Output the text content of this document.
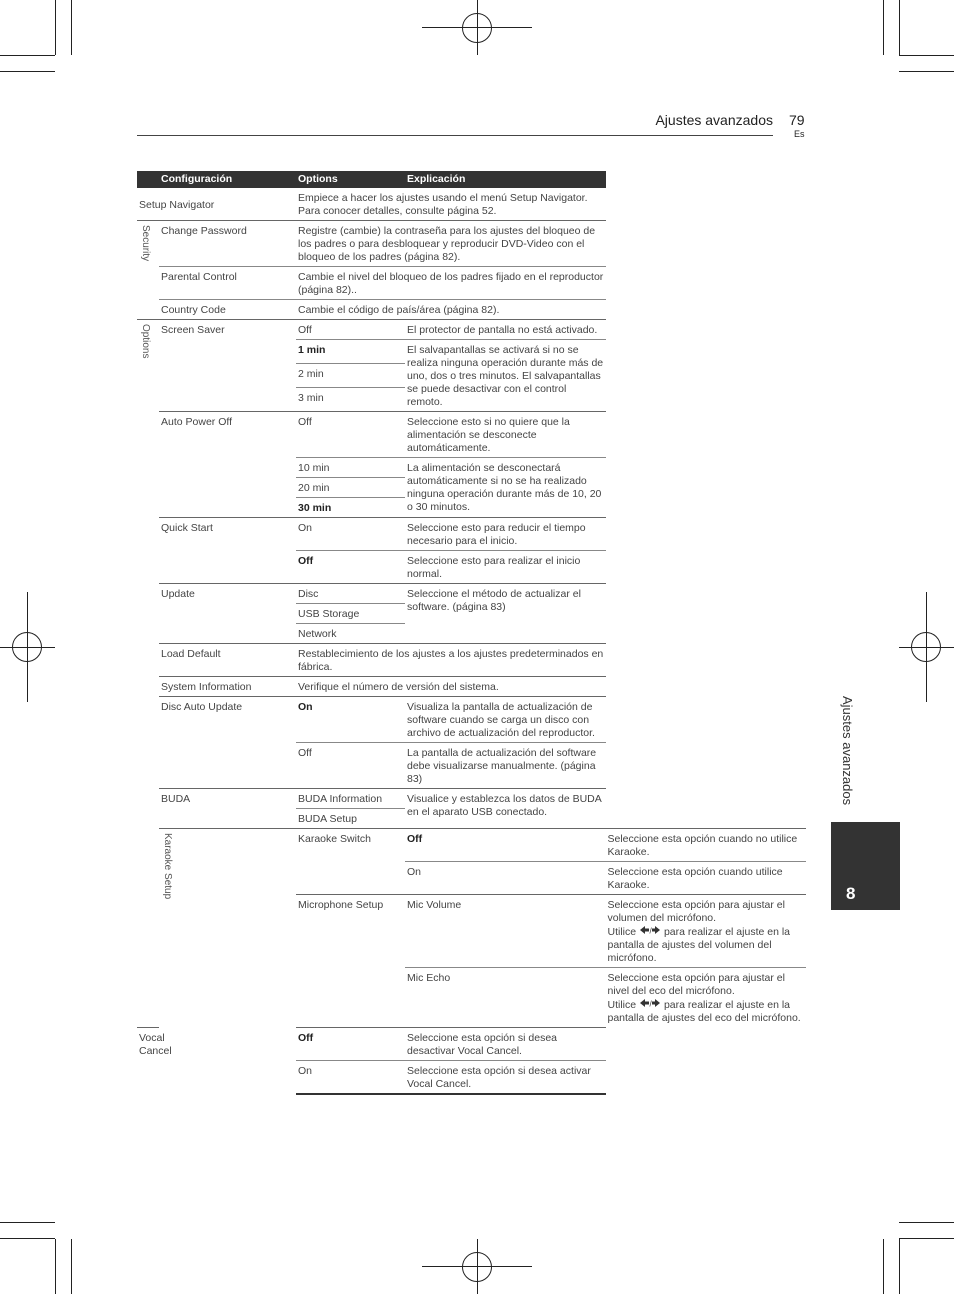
Ajustes avanzados 79
Es
	Configuración	Options	Explicación	
Setup Navigator		Empiece a hacer los ajustes usando el menú Setup Navigator. Para conocer detalles, consulte página 52.		

Security	Change Password	Registre (cambie) la contraseña para los ajustes del bloqueo de los padres o para desbloquear y reproducir DVD-Video con el bloqueo de los padres (página 82).		
	Parental Control	Cambie el nivel del bloqueo de los padres fijado en el reproductor (página 82)..		
	Country Code	Cambie el código de país/área (página 82).		

Options	Screen Saver	Off	El protector de pantalla no está activado.	
		1 min	El salvapantallas se activará si no se realiza ninguna operación durante más de uno, dos o tres minutos. El salvapantallas se puede desactivar con el control remoto.	
		2 min		
		3 min		
	Auto Power Off	Off	Seleccione esto si no quiere que la alimentación se desconecte automáticamente.	
		10 min	La alimentación se desconectará automáticamente si no se ha realizado ninguna operación durante más de 10, 20 o 30 minutos.	
		20 min		
		30 min		
	Quick Start	On	Seleccione esto para reducir el tiempo necesario para el inicio.	
		Off	Seleccione esto para realizar el inicio normal.	
	Update	Disc	Seleccione el método de actualizar el software. (página 83)	
		USB Storage		
		Network		
	Load Default	Restablecimiento de los ajustes a los ajustes predeterminados en fábrica.		
	System Information	Verifique el número de versión del sistema.		
	Disc Auto Update	On	Visualiza la pantalla de actualización de software cuando se carga un disco con archivo de actualización del reproductor.	
		Off	La pantalla de actualización del software debe visualizarse manualmente. (página 83)	
	BUDA	BUDA Information	Visualice y establezca los datos de BUDA en el aparato USB conectado.	
		BUDA Setup		

	Karaoke Setup	Karaoke Switch	Off	Seleccione esta opción cuando no utilice Karaoke.
			On	Seleccione esta opción cuando utilice Karaoke.
		Microphone Setup	Mic Volume	Seleccione esta opción para ajustar el volumen del micrófono.
Utilice / para realizar el ajuste en la pantalla de ajustes del volumen del micrófono.
			Mic Echo	Seleccione esta opción para ajustar el nivel del eco del micrófono.
Utilice / para realizar el ajuste en la pantalla de ajustes del eco del micrófono.
Vocal Cancel		Off	Seleccione esta opción si desea desactivar Vocal Cancel.	
		On	Seleccione esta opción si desea activar Vocal Cancel.	
Ajustes avanzados
8
